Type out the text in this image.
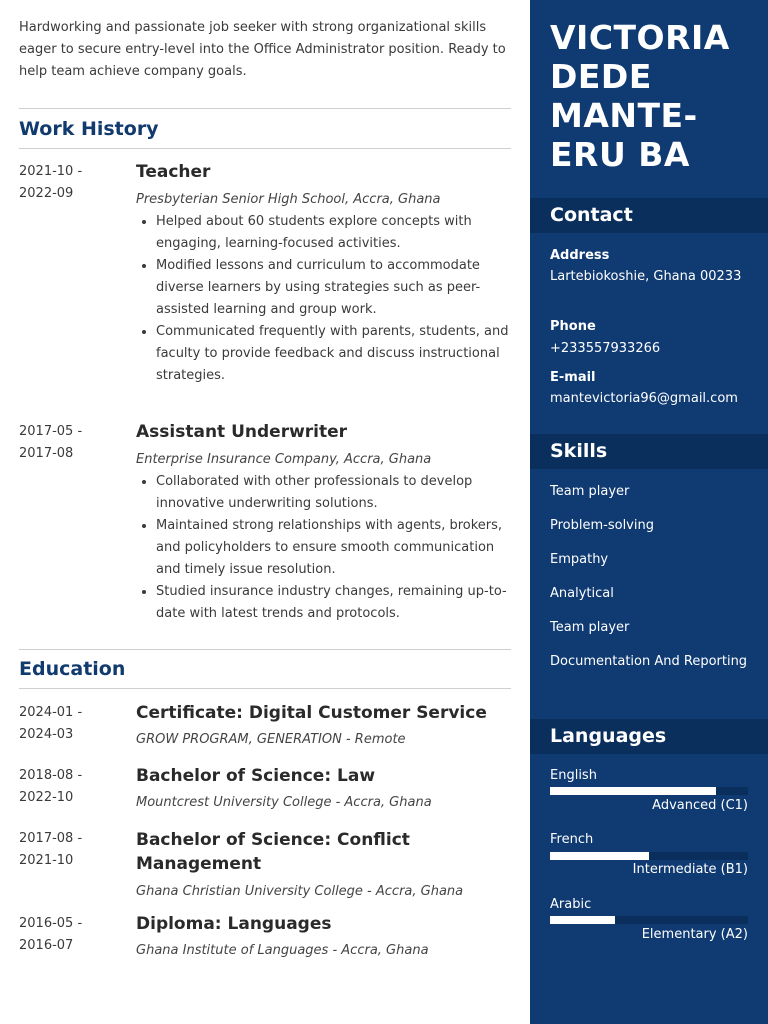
Hardworking and passionate job seeker with strong organizational skills eager to secure entry-level into the Office Administrator position. Ready to help team achieve company goals.
Work History
2021-10 -
2022-09
Teacher
Presbyterian Senior High School, Accra, Ghana
• Helped about 60 students explore concepts with engaging, learning-focused activities.
• Modified lessons and curriculum to accommodate diverse learners by using strategies such as peer-assisted learning and group work.
• Communicated frequently with parents, students, and faculty to provide feedback and discuss instructional strategies.
2017-05 -
2017-08
Assistant Underwriter
Enterprise Insurance Company, Accra, Ghana
• Collaborated with other professionals to develop innovative underwriting solutions.
• Maintained strong relationships with agents, brokers, and policyholders to ensure smooth communication and timely issue resolution.
• Studied insurance industry changes, remaining up-to-date with latest trends and protocols.
Education
2024-01 -
2024-03
Certificate: Digital Customer Service
GROW PROGRAM, GENERATION - Remote
2018-08 -
2022-10
Bachelor of Science: Law
Mountcrest University College - Accra, Ghana
2017-08 -
2021-10
Bachelor of Science: Conflict Management
Ghana Christian University College - Accra, Ghana
2016-05 -
2016-07
Diploma: Languages
Ghana Institute of Languages - Accra, Ghana
VICTORIA DEDE MANTE-ERU BA
Contact
Address
Lartebiokoshie, Ghana 00233
Phone
+233557933266
E-mail
mantevictoria96@gmail.com
Skills
Team player
Problem-solving
Empathy
Analytical
Team player
Documentation And Reporting
Languages
English
Advanced (C1)
French
Intermediate (B1)
Arabic
Elementary (A2)
